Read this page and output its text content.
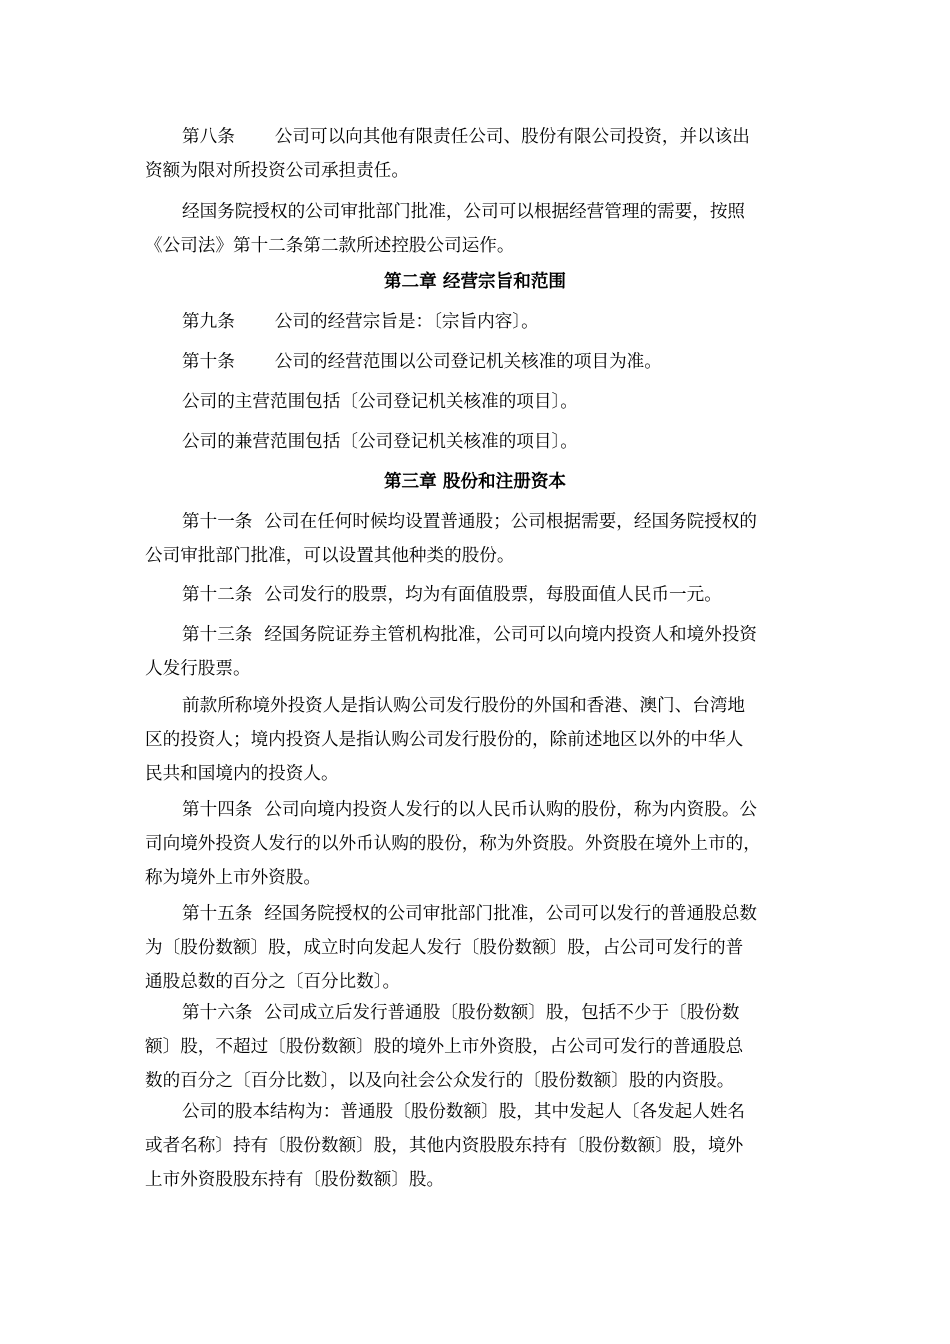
第八条 公司可以向其他有限责任公司、股份有限公司投资，并以该出
资额为限对所投资公司承担责任。

经国务院授权的公司审批部门批准，公司可以根据经营管理的需要，按照
《公司法》第十二条第二款所述控股公司运作。

第二章 经营宗旨和范围

第九条 公司的经营宗旨是：〔宗旨内容〕。

第十条 公司的经营范围以公司登记机关核准的项目为准。

公司的主营范围包括〔公司登记机关核准的项目〕。

公司的兼营范围包括〔公司登记机关核准的项目〕。

第三章 股份和注册资本

第十一条 公司在任何时候均设置普通股；公司根据需要，经国务院授权的
公司审批部门批准，可以设置其他种类的股份。

第十二条 公司发行的股票，均为有面值股票，每股面值人民币一元。

第十三条 经国务院证券主管机构批准，公司可以向境内投资人和境外投资
人发行股票。

前款所称境外投资人是指认购公司发行股份的外国和香港、澳门、台湾地
区的投资人；境内投资人是指认购公司发行股份的，除前述地区以外的中华人
民共和国境内的投资人。

第十四条 公司向境内投资人发行的以人民币认购的股份，称为内资股。公
司向境外投资人发行的以外币认购的股份，称为外资股。外资股在境外上市的，
称为境外上市外资股。

第十五条 经国务院授权的公司审批部门批准，公司可以发行的普通股总数
为〔股份数额〕股，成立时向发起人发行〔股份数额〕股，占公司可发行的普
通股总数的百分之〔百分比数〕。

第十六条 公司成立后发行普通股〔股份数额〕股，包括不少于〔股份数
额〕股，不超过〔股份数额〕股的境外上市外资股，占公司可发行的普通股总
数的百分之〔百分比数〕，以及向社会公众发行的〔股份数额〕股的内资股。

公司的股本结构为：普通股〔股份数额〕股，其中发起人〔各发起人姓名
或者名称〕持有〔股份数额〕股，其他内资股股东持有〔股份数额〕股，境外
上市外资股股东持有〔股份数额〕股。
